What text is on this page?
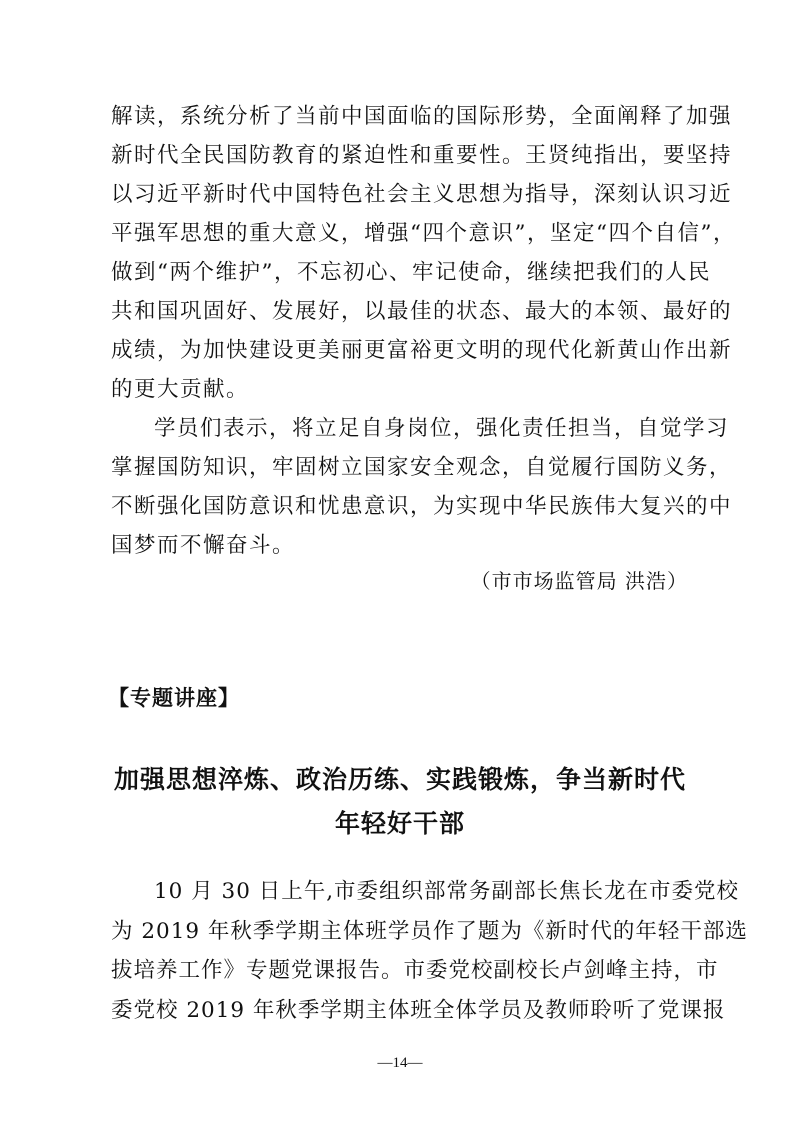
解读，系统分析了当前中国面临的国际形势，全面阐释了加强
新时代全民国防教育的紧迫性和重要性。王贤纯指出，要坚持
以习近平新时代中国特色社会主义思想为指导，深刻认识习近
平强军思想的重大意义，增强“四个意识”，坚定“四个自信”，
做到“两个维护”，不忘初心、牢记使命，继续把我们的人民
共和国巩固好、发展好，以最佳的状态、最大的本领、最好的
成绩，为加快建设更美丽更富裕更文明的现代化新黄山作出新
的更大贡献。
学员们表示，将立足自身岗位，强化责任担当，自觉学习
掌握国防知识，牢固树立国家安全观念，自觉履行国防义务，
不断强化国防意识和忧患意识，为实现中华民族伟大复兴的中
国梦而不懈奋斗。
（市市场监管局 洪浩）
【专题讲座】
加强思想淬炼、政治历练、实践锻炼，争当新时代
年轻好干部
10 月 30 日上午,市委组织部常务副部长焦长龙在市委党校
为 2019 年秋季学期主体班学员作了题为《新时代的年轻干部选
拔培养工作》专题党课报告。市委党校副校长卢剑峰主持，市
委党校 2019 年秋季学期主体班全体学员及教师聆听了党课报
—14—
